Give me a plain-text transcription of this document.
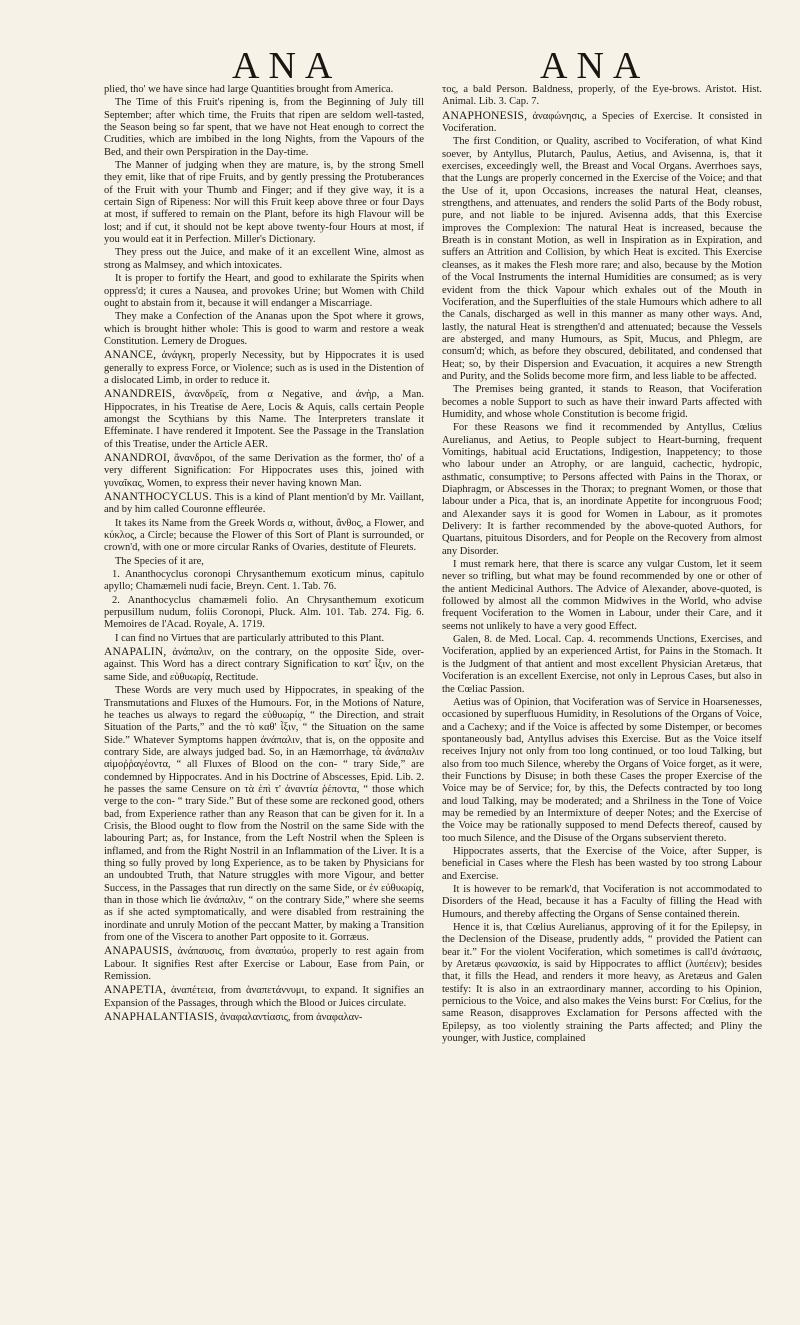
ANA	ANA

plied, tho' we have since had large Quantities brought from America.

The Time of this Fruit's ripening is, from the Beginning of July till September; after which time, the Fruits that ripen are seldom well-tasted, the Season being so far spent, that we have not Heat enough to correct the Crudities, which are imbibed in the long Nights, from the Vapours of the Bed, and their own Perspiration in the Day-time.

The Manner of judging when they are mature, is, by the strong Smell they emit, like that of ripe Fruits, and by gently pressing the Protuberances of the Fruit with your Thumb and Finger; and if they give way, it is a certain Sign of Ripeness: Nor will this Fruit keep above three or four Days at most, if suffered to remain on the Plant, before its high Flavour will be lost; and if cut, it should not be kept above twenty-four Hours at most, if you would eat it in Perfection. Miller's Dictionary.

They press out the Juice, and make of it an excellent Wine, almost as strong as Malmsey, and which intoxicates.

It is proper to fortify the Heart, and good to exhilarate the Spirits when oppress'd; it cures a Nausea, and provokes Urine; but Women with Child ought to abstain from it, because it will endanger a Miscarriage.

They make a Confection of the Ananas upon the Spot where it grows, which is brought hither whole: This is good to warm and restore a weak Constitution. Lemery de Drogues.

ANANCE, ἀνάγκη, properly Necessity, but by Hippocrates it is used generally to express Force, or Violence; such as is used in the Distention of a dislocated Limb, in order to reduce it.

ANANDREIS, ἀνανδρεῖς, from α Negative, and ἀνὴρ, a Man. Hippocrates, in his Treatise de Aere, Locis & Aquis, calls certain People amongst the Scythians by this Name. The Interpreters translate it Effeminate. I have rendered it Impotent. See the Passage in the Translation of this Treatise, under the Article AER.

ANANDROI, ἄνανδροι, of the same Derivation as the former, tho' of a very different Signification: For Hippocrates uses this, joined with γυναῖκας, Women, to express their never having known Man.

ANANTHOCYCLUS. This is a kind of Plant mention'd by Mr. Vaillant, and by him called Couronne effleurée.

It takes its Name from the Greek Words α, without, ἄνθος, a Flower, and κύκλος, a Circle; because the Flower of this Sort of Plant is surrounded, or crown'd, with one or more circular Ranks of Ovaries, destitute of Fleurets.

The Species of it are,

1. Ananthocyclus coronopi Chrysanthemum exoticum minus, capitulo apyllo; Chamæmeli nudi facie, Breyn. Cent. 1. Tab. 76.

2. Ananthocyclus chamæmeli folio. An Chrysanthemum exoticum perpusillum nudum, foliis Coronopi, Pluck. Alm. 101. Tab. 274. Fig. 6. Memoires de l'Acad. Royale, A. 1719.

I can find no Virtues that are particularly attributed to this Plant.

ANAPALIN, ἀνάπαλιν, on the contrary, on the opposite Side, over-against. This Word has a direct contrary Signification to κατ' ἶξιν, on the same Side, and εὐθυωρίᾳ, Rectitude.

These Words are very much used by Hippocrates, in speaking of the Transmutations and Fluxes of the Humours. For, in the Motions of Nature, he teaches us always to regard the εὐθυωρίᾳ, “ the Direction, and strait Situation of the Parts,” and the τὸ καθ' ἶξιν, “ the Situation on the same Side.” Whatever Symptoms happen ἀνάπαλιν, that is, on the opposite and contrary Side, are always judged bad. So, in an Hæmorrhage, τὰ ἀνάπαλιν αἱμοῤῥαγέοντα, “ all Fluxes of Blood on the con- “ trary Side,” are condemned by Hippocrates. And in his Doctrine of Abscesses, Epid. Lib. 2. he passes the same Censure on τὰ ἐπὶ τ' ἀναντία ῥέποντα, “ those which verge to the con- “ trary Side.” But of these some are reckoned good, others bad, from Experience rather than any Reason that can be given for it. In a Crisis, the Blood ought to flow from the Nostril on the same Side with the labouring Part; as, for Instance, from the Left Nostril when the Spleen is inflamed, and from the Right Nostril in an Inflammation of the Liver. It is a thing so fully proved by long Experience, as to be taken by Physicians for an undoubted Truth, that Nature struggles with more Vigour, and better Success, in the Passages that run directly on the same Side, or ἐν εὐθυωρίᾳ, than in those which lie ἀνάπαλιν, “ on the contrary Side,” where she seems as if she acted symptomatically, and were disabled from restraining the inordinate and unruly Motion of the peccant Matter, by making a Transition from one of the Viscera to another Part opposite to it. Gorræus.

ANAPAUSIS, ἀνάπαυσις, from ἀναπαύω, properly to rest again from Labour. It signifies Rest after Exercise or Labour, Ease from Pain, or Remission.

ANAPETIA, ἀναπέτεια, from ἀναπετάννυμι, to expand. It signifies an Expansion of the Passages, through which the Blood or Juices circulate.

ANAPHALANTIASIS, ἀναφαλαντίασις, from ἀναφαλαν-

τος, a bald Person. Baldness, properly, of the Eye-brows. Aristot. Hist. Animal. Lib. 3. Cap. 7.

ANAPHONESIS, ἀναφώνησις, a Species of Exercise. It consisted in Vociferation.

The first Condition, or Quality, ascribed to Vociferation, of what Kind soever, by Antyllus, Plutarch, Paulus, Aetius, and Avisenna, is, that it exercises, exceedingly well, the Breast and Vocal Organs. Averrhoes says, that the Lungs are properly concerned in the Exercise of the Voice; and that the Use of it, upon Occasions, increases the natural Heat, cleanses, strengthens, and attenuates, and renders the solid Parts of the Body robust, pure, and not liable to be injured. Avisenna adds, that this Exercise improves the Complexion: The natural Heat is increased, because the Breath is in constant Motion, as well in Inspiration as in Expiration, and suffers an Attrition and Collision, by which Heat is excited. This Exercise cleanses, as it makes the Flesh more rare; and also, because by the Motion of the Vocal Instruments the internal Humidities are consumed; as is very evident from the thick Vapour which exhales out of the Mouth in Vociferation, and the Superfluities of the stale Humours which adhere to all the Canals, discharged as well in this manner as many other ways. And, lastly, the natural Heat is strengthen'd and attenuated; because the Vessels are absterged, and many Humours, as Spit, Mucus, and Phlegm, are consum'd; which, as before they obscured, debilitated, and condensed that Heat; so, by their Dispersion and Evacuation, it acquires a new Strength and Purity, and the Solids become more firm, and less liable to be affected.

The Premises being granted, it stands to Reason, that Vociferation becomes a noble Support to such as have their inward Parts affected with Humidity, and whose whole Constitution is become frigid.

For these Reasons we find it recommended by Antyllus, Cœlius Aurelianus, and Aetius, to People subject to Heart-burning, frequent Vomitings, habitual acid Eructations, Indigestion, Inappetency; to those who labour under an Atrophy, or are languid, cachectic, hydropic, asthmatic, consumptive; to Persons affected with Pains in the Thorax, or Diaphragm, or Abscesses in the Thorax; to pregnant Women, or those that labour under a Pica, that is, an inordinate Appetite for incongruous Food; and Alexander says it is good for Women in Labour, as it promotes Delivery: It is farther recommended by the above-quoted Authors, for Quartans, pituitous Disorders, and for People on the Recovery from almost any Disorder.

I must remark here, that there is scarce any vulgar Custom, let it seem never so trifling, but what may be found recommended by one or other of the antient Medicinal Authors. The Advice of Alexander, above-quoted, is followed by almost all the common Midwives in the World, who advise frequent Vociferation to the Women in Labour, under their Care, and it seems not unlikely to have a very good Effect.

Galen, 8. de Med. Local. Cap. 4. recommends Unctions, Exercises, and Vociferation, applied by an experienced Artist, for Pains in the Stomach. It is the Judgment of that antient and most excellent Physician Aretæus, that Vociferation is an excellent Exercise, not only in Leprous Cases, but also in the Cœliac Passion.

Aetius was of Opinion, that Vociferation was of Service in Hoarsenesses, occasioned by superfluous Humidity, in Resolutions of the Organs of Voice, and a Cachexy; and if the Voice is affected by some Distemper, or becomes spontaneously bad, Antyllus advises this Exercise. But as the Voice itself receives Injury not only from too long continued, or too loud Talking, but also from too much Silence, whereby the Organs of Voice forget, as it were, their Functions by Disuse; in both these Cases the proper Exercise of the Voice may be of Service; for, by this, the Defects contracted by too long and loud Talking, may be moderated; and a Shrilness in the Tone of Voice may be remedied by an Intermixture of deeper Notes; and the Exercise of the Voice may be rationally supposed to mend Defects thereof, caused by too much Silence, and the Disuse of the Organs subservient thereto.

Hippocrates asserts, that the Exercise of the Voice, after Supper, is beneficial in Cases where the Flesh has been wasted by too strong Labour and Exercise.

It is however to be remark'd, that Vociferation is not accommodated to Disorders of the Head, because it has a Faculty of filling the Head with Humours, and thereby affecting the Organs of Sense contained therein.

Hence it is, that Cœlius Aurelianus, approving of it for the Epilepsy, in the Declension of the Disease, prudently adds, “ provided the Patient can bear it.” For the violent Vociferation, which sometimes is call'd ἀνάτασις, by Aretæus φωνασκία, is said by Hippocrates to afflict (λυπέειν); besides that, it fills the Head, and renders it more heavy, as Aretæus and Galen testify: It is also in an extraordinary manner, according to his Opinion, pernicious to the Voice, and also makes the Veins burst: For Cœlius, for the same Reason, disapproves Exclamation for Persons affected with the Epilepsy, as too violently straining the Parts affected; and Pliny the younger, with Justice, complained
